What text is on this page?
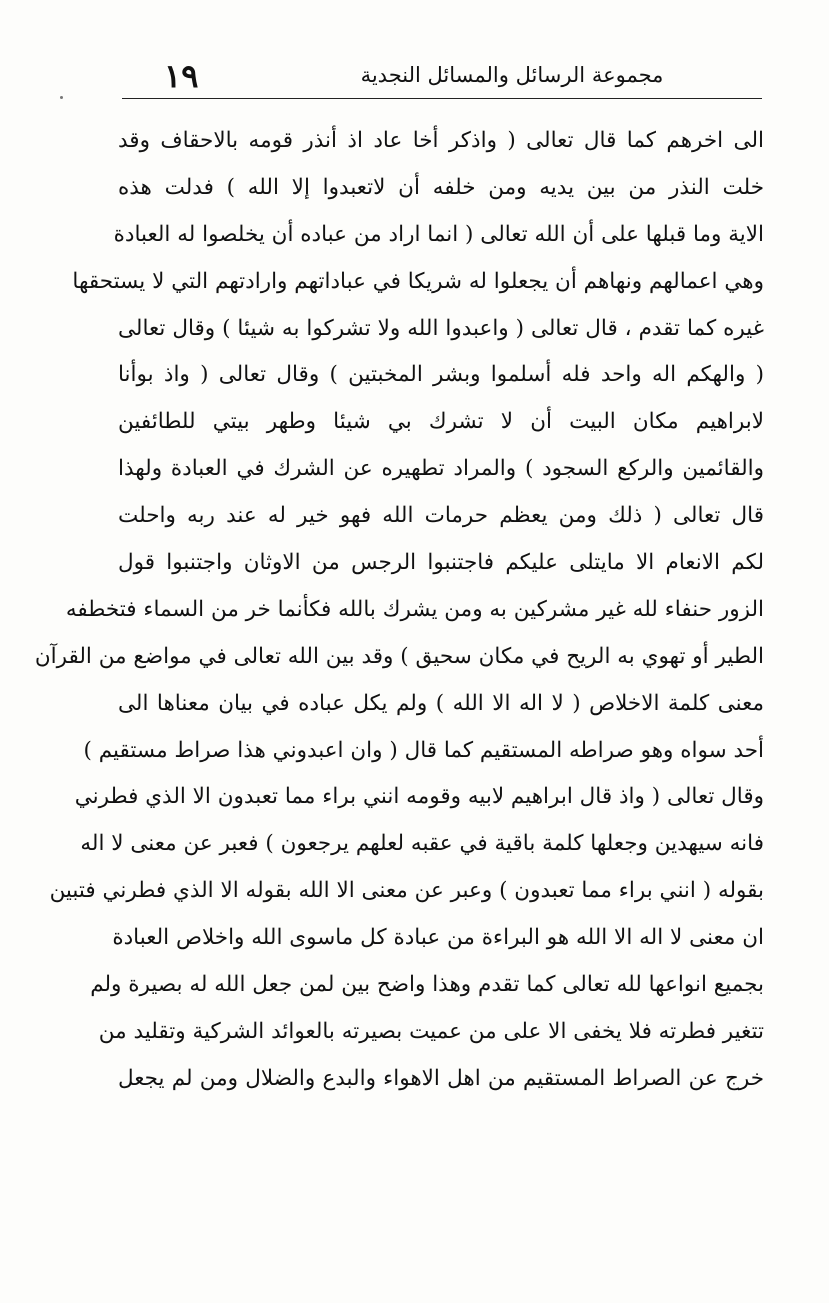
١٩	مجموعة الرسائل والمسائل النجدية
الى اخرهم كما قال تعالى ( واذكر أخا عاد اذ أنذر قومه بالاحقاف وقد
خلت النذر من بين يديه ومن خلفه أن لاتعبدوا إلا الله ) فدلت هذه
الاية وما قبلها على أن الله تعالى ( انما اراد من عباده أن يخلصوا له العبادة
وهي اعمالهم ونهاهم أن يجعلوا له شريكا في عباداتهم وارادتهم التي لا يستحقها
غيره كما تقدم ، قال تعالى ( واعبدوا الله ولا تشركوا به شيئا ) وقال تعالى
( والهكم اله واحد فله أسلموا وبشر المخبتين ) وقال تعالى ( واذ بوأنا
لابراهيم مكان البيت أن لا تشرك بي شيئا وطهر بيتي للطائفين
والقائمين والركع السجود ) والمراد تطهيره عن الشرك في العبادة ولهذا
قال تعالى ( ذلك ومن يعظم حرمات الله فهو خير له عند ربه واحلت
لكم الانعام الا مايتلى عليكم فاجتنبوا الرجس من الاوثان واجتنبوا قول
الزور حنفاء لله غير مشركين به ومن يشرك بالله فكأنما خر من السماء فتخطفه
الطير أو تهوي به الريح في مكان سحيق ) وقد بين الله تعالى في مواضع من القرآن
معنى كلمة الاخلاص ( لا اله الا الله ) ولم يكل عباده في بيان معناها الى
أحد سواه وهو صراطه المستقيم كما قال ( وان اعبدوني هذا صراط مستقيم )
وقال تعالى ( واذ قال ابراهيم لابيه وقومه انني براء مما تعبدون الا الذي فطرني
فانه سيهدين وجعلها كلمة باقية في عقبه لعلهم يرجعون ) فعبر عن معنى لا اله
بقوله ( انني براء مما تعبدون ) وعبر عن معنى الا الله بقوله الا الذي فطرني فتبين
ان معنى لا اله الا الله هو البراءة من عبادة كل ماسوى الله واخلاص العبادة
بجميع انواعها لله تعالى كما تقدم وهذا واضح بين لمن جعل الله له بصيرة ولم
تتغير فطرته فلا يخفى الا على من عميت بصيرته بالعوائد الشركية وتقليد من
خرج عن الصراط المستقيم من اهل الاهواء والبدع والضلال ومن لم يجعل
